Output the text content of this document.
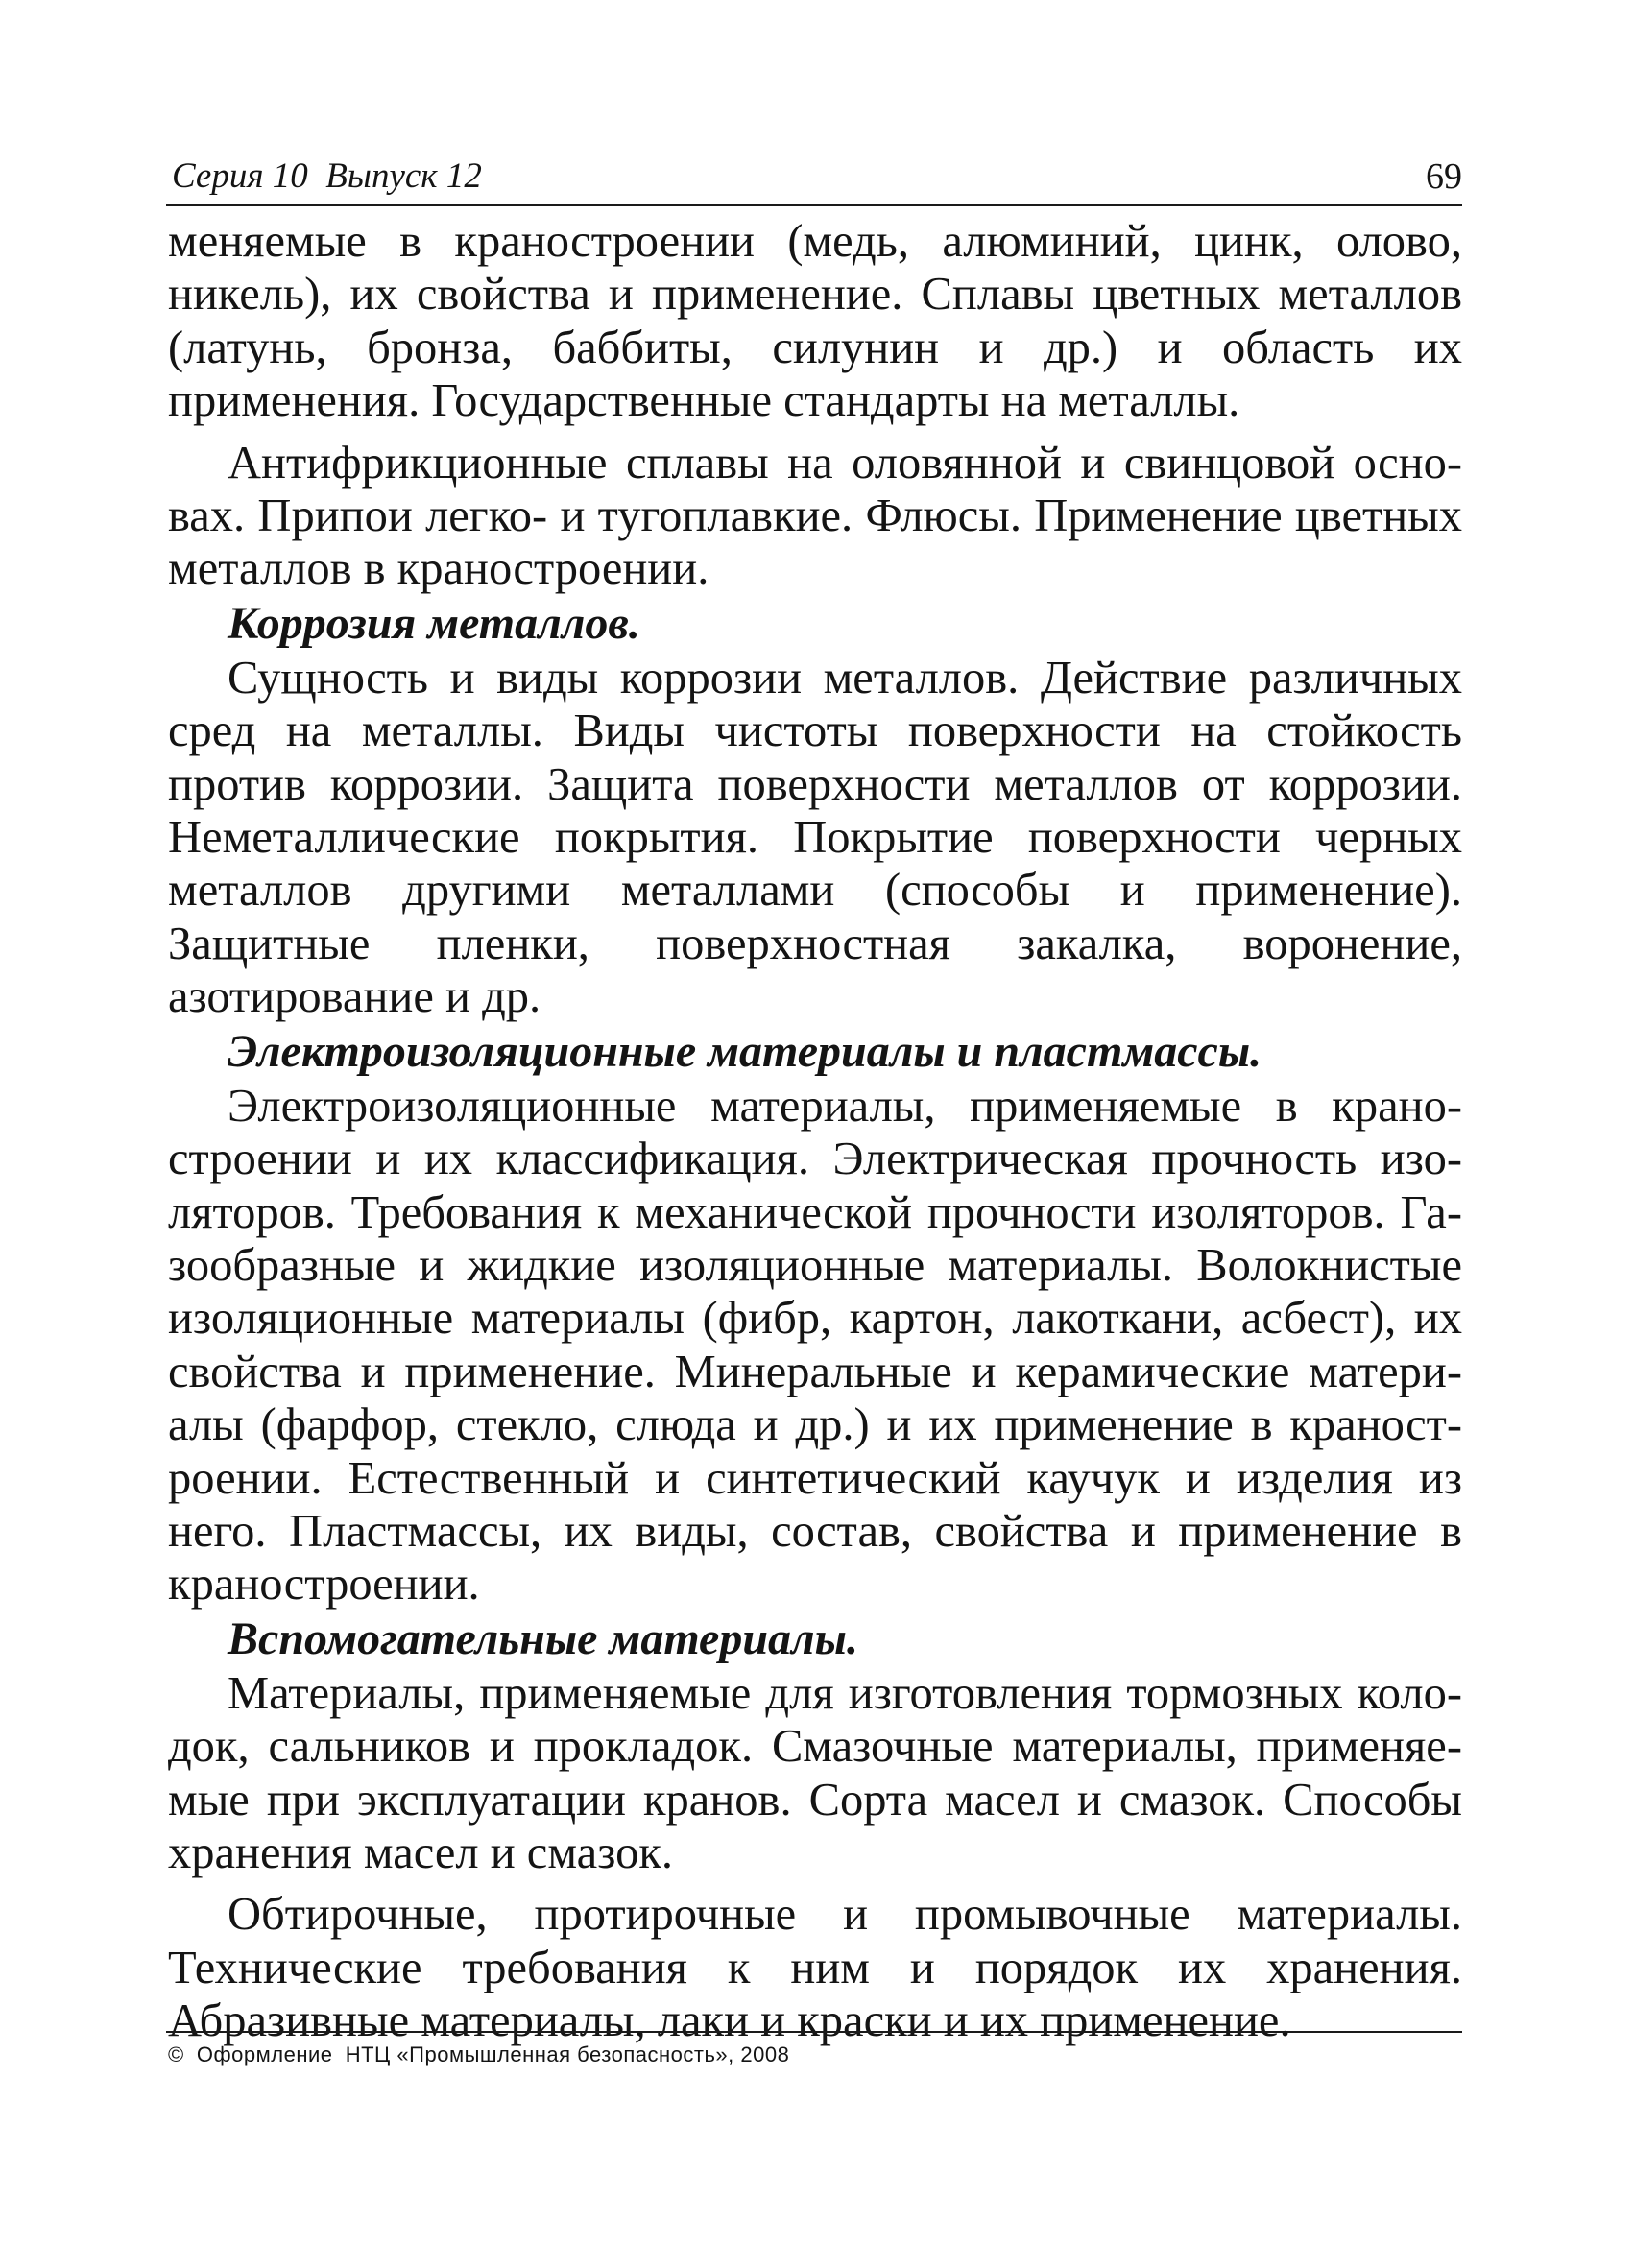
Серия 10  Выпуск 12	69

меняемые в краностроении (медь, алюминий, цинк, олово, никель), их свойства и применение. Сплавы цветных металлов (латунь, бронза, баббиты, силунин и др.) и область их применения. Государственные стандарты на металлы.

Антифрикционные сплавы на оловянной и свинцовой основах. Припои легко- и тугоплавкие. Флюсы. Применение цветных металлов в краностроении.

Коррозия металлов.

Сущность и виды коррозии металлов. Действие различных сред на металлы. Виды чистоты поверхности на стойкость против коррозии. Защита поверхности металлов от коррозии. Неметаллические покрытия. Покрытие поверхности черных металлов другими металлами (способы и применение). Защитные пленки, поверхностная закалка, воронение, азотирование и др.

Электроизоляционные материалы и пластмассы.

Электроизоляционные материалы, применяемые в краностроении и их классификация. Электрическая прочность изоляторов. Требования к механической прочности изоляторов. Газообразные и жидкие изоляционные материалы. Волокнистые изоляционные материалы (фибр, картон, лакоткани, асбест), их свойства и применение. Минеральные и керамические материалы (фарфор, стекло, слюда и др.) и их применение в краностроении. Естественный и синтетический каучук и изделия из него. Пластмассы, их виды, состав, свойства и применение в краностроении.

Вспомогательные материалы.

Материалы, применяемые для изготовления тормозных колодок, сальников и прокладок. Смазочные материалы, применяемые при эксплуатации кранов. Сорта масел и смазок. Способы хранения масел и смазок.

Обтирочные, протирочные и промывочные материалы. Технические требования к ним и порядок их хранения. Абразивные материалы, лаки и краски и их применение.

©  Оформление  НТЦ «Промышленная безопасность», 2008
